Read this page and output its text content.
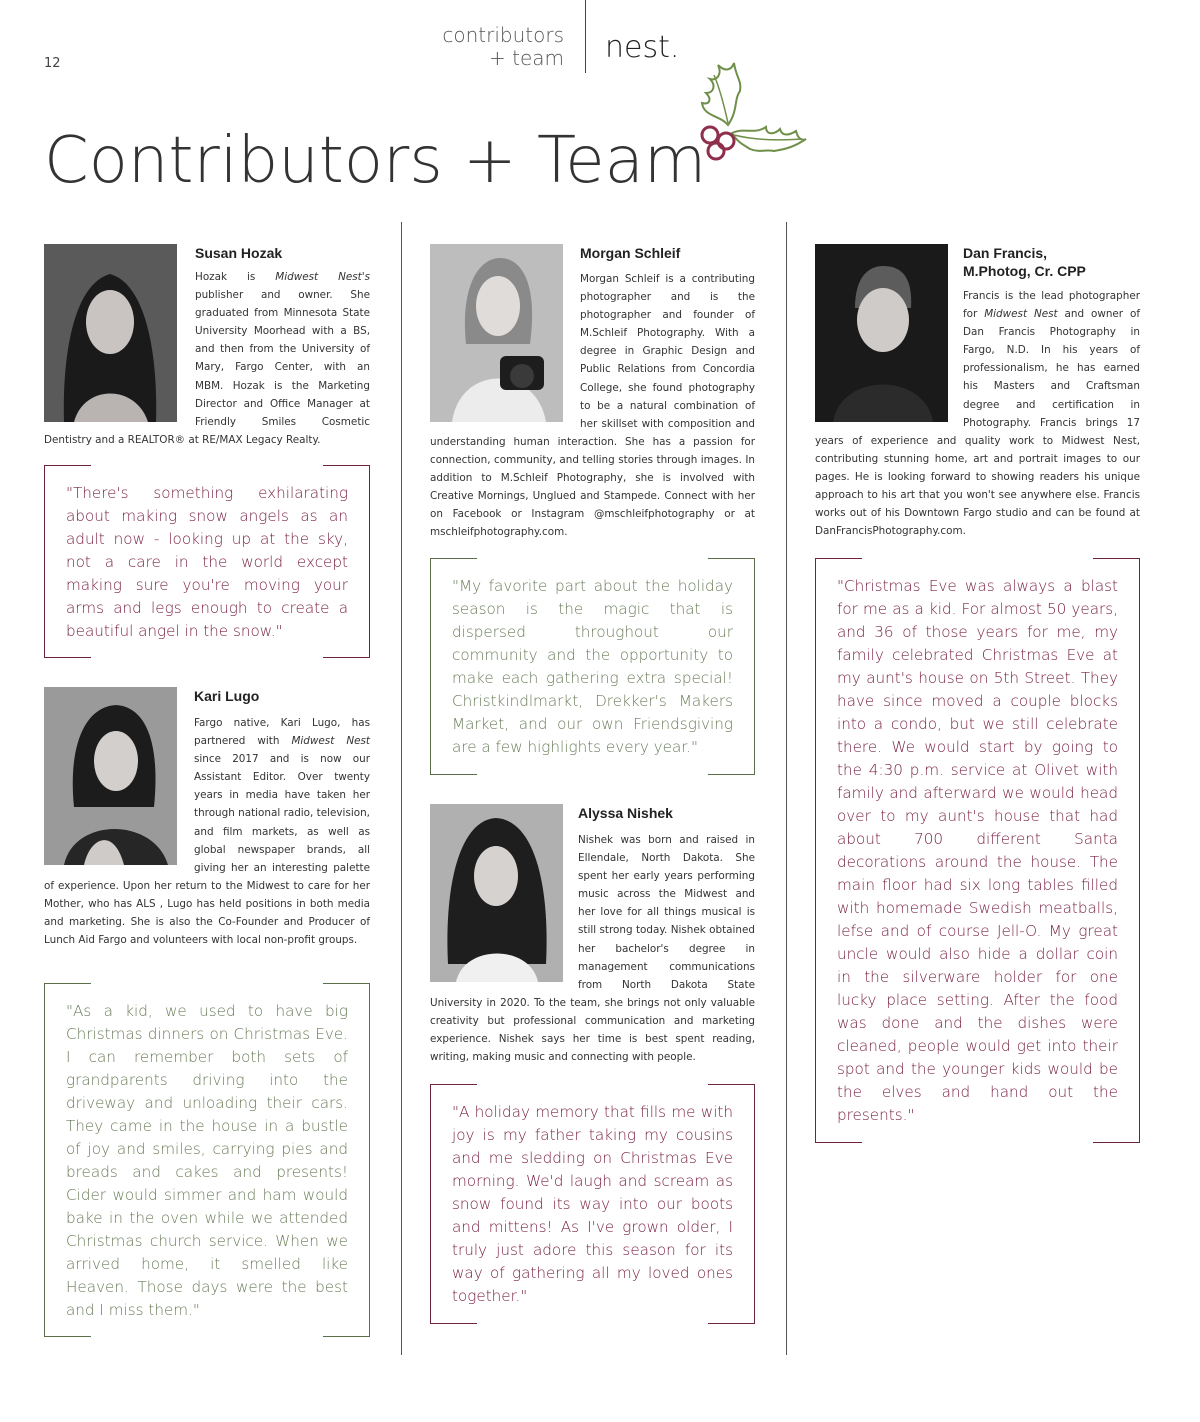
12
contributors
+ team nest.
Contributors + Team
Susan Hozak
Hozak is Midwest Nest's publisher and owner. She graduated from Minnesota State University Moorhead with a BS, and then from the University of Mary, Fargo Center, with an MBM. Hozak is the Marketing Director and Office Manager at Friendly Smiles Cosmetic Dentistry and a REALTOR® at RE/MAX Legacy Realty.
"There's something exhilarating about making snow angels as an adult now - looking up at the sky, not a care in the world except making sure you're moving your arms and legs enough to create a beautiful angel in the snow."
Kari Lugo
Fargo native, Kari Lugo, has partnered with Midwest Nest since 2017 and is now our Assistant Editor. Over twenty years in media have taken her through national radio, television, and film markets, as well as global newspaper brands, all giving her an interesting palette of experience. Upon her return to the Midwest to care for her Mother, who has ALS , Lugo has held positions in both media and marketing. She is also the Co-Founder and Producer of Lunch Aid Fargo and volunteers with local non-profit groups.
"As a kid, we used to have big Christmas dinners on Christmas Eve. I can remember both sets of grandparents driving into the driveway and unloading their cars. They came in the house in a bustle of joy and smiles, carrying pies and breads and cakes and presents! Cider would simmer and ham would bake in the oven while we attended Christmas church service. When we arrived home, it smelled like Heaven. Those days were the best and I miss them."
Morgan Schleif
Morgan Schleif is a contributing photographer and is the photographer and founder of M.Schleif Photography. With a degree in Graphic Design and Public Relations from Concordia College, she found photography to be a natural combination of her skillset with composition and understanding human interaction. She has a passion for connection, community, and telling stories through images. In addition to M.Schleif Photography, she is involved with Creative Mornings, Unglued and Stampede. Connect with her on Facebook or Instagram @mschleifphotography or at mschleifphotography.com.
"My favorite part about the holiday season is the magic that is dispersed throughout our community and the opportunity to make each gathering extra special! Christkindlmarkt, Drekker's Makers Market, and our own Friendsgiving are a few highlights every year."
Alyssa Nishek
Nishek was born and raised in Ellendale, North Dakota. She spent her early years performing music across the Midwest and her love for all things musical is still strong today. Nishek obtained her bachelor's degree in management communications from North Dakota State University in 2020. To the team, she brings not only valuable creativity but professional communication and marketing experience. Nishek says her time is best spent reading, writing, making music and connecting with people.
"A holiday memory that fills me with joy is my father taking my cousins and me sledding on Christmas Eve morning. We'd laugh and scream as snow found its way into our boots and mittens! As I've grown older, I truly just adore this season for its way of gathering all my loved ones together."
Dan Francis,
M.Photog, Cr. CPP
Francis is the lead photographer for Midwest Nest and owner of Dan Francis Photography in Fargo, N.D. In his years of professionalism, he has earned his Masters and Craftsman degree and certification in Photography. Francis brings 17 years of experience and quality work to Midwest Nest, contributing stunning home, art and portrait images to our pages. He is looking forward to showing readers his unique approach to his art that you won't see anywhere else. Francis works out of his Downtown Fargo studio and can be found at DanFrancisPhotography.com.
"Christmas Eve was always a blast for me as a kid. For almost 50 years, and 36 of those years for me, my family celebrated Christmas Eve at my aunt's house on 5th Street. They have since moved a couple blocks into a condo, but we still celebrate there. We would start by going to the 4:30 p.m. service at Olivet with family and afterward we would head over to my aunt's house that had about 700 different Santa decorations around the house. The main floor had six long tables filled with homemade Swedish meatballs, lefse and of course Jell-O. My great uncle would also hide a dollar coin in the silverware holder for one lucky place setting. After the food was done and the dishes were cleaned, people would get into their spot and the younger kids would be the elves and hand out the presents."
